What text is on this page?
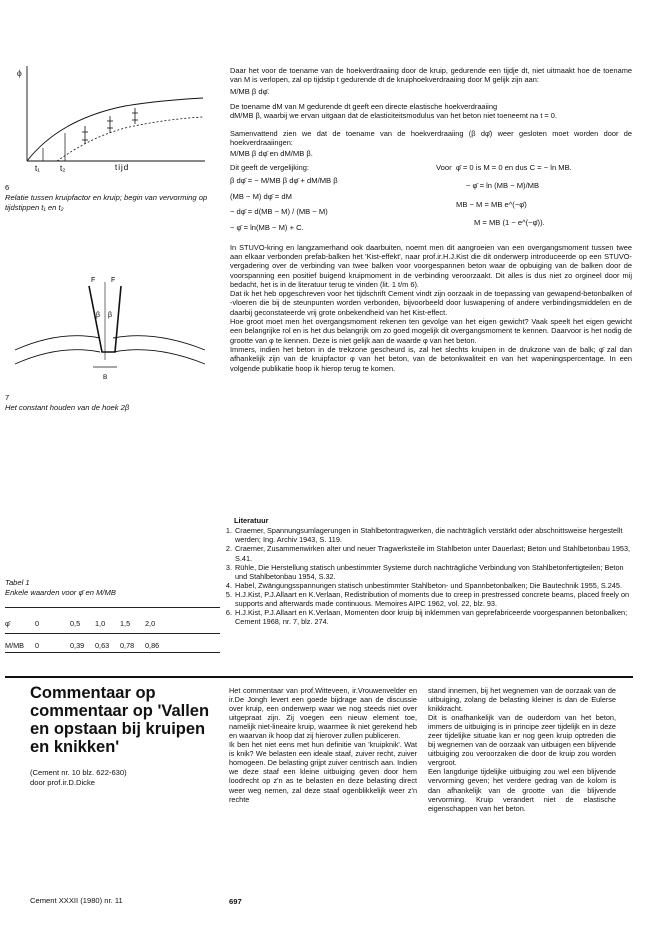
ϕ
t₁	t₂	tijd
6
Relatie tussen kruipfactor en kruip; begin van vervorming op tijdstippen t₁ en t₂
F F
β β
B
7
Het constant houden van de hoek 2β
Tabel 1
Enkele waarden voor φ̄ en M/MB
φ̄	0	0,5	1,0	1,5	2,0
M/MB	0	0,39	0,63	0,78	0,86

Daar het voor de toename van de hoekverdraaiing door de kruip, gedurende een tijdje dt, niet uitmaakt hoe de toename van M is verlopen, zal op tijdstip t gedurende dt de kruiphoekverdraaiing door M gelijk zijn aan:

M/MB β dφ̄.

De toename dM van M gedurende dt geeft een directe elastische hoekverdraaiing

dM/MB β, waarbij we ervan uitgaan dat de elasticiteitsmodulus van het beton niet toeneemt na t = 0.

Samenvattend zien we dat de toename van de hoekverdraaiing (β dφ̄) weer gesloten moet worden door de hoekverdraaiingen:

M/MB β dφ̄ en dM/MB β.

Dit geeft de vergelijking:

β dφ̄ = − M/MB β dφ̄ + dM/MB β
(MB − M) dφ̄ = dM
− dφ̄ = d(MB − M) / (MB − M)
− φ̄ = ln(MB − M) + C.
Voor  φ̄ = 0 is M = 0 en dus C = − ln MB.
− φ̄ = ln (MB − M)/MB
MB − M = MB e^(−φ̄)
M = MB (1 − e^(−φ̄)).

In STUVO-kring en langzamerhand ook daarbuiten, noemt men dit aangroeien van een overgangsmoment tussen twee aan elkaar verbonden prefab-balken het 'Kist-effekt', naar prof.ir.H.J.Kist die dit onderwerp introduceerde op een STUVO-vergadering over de verbinding van twee balken voor voorgespannen beton waar de opbuiging van de balken door de voorspanning een positief buigend kruipmoment in de verbinding veroorzaakt. Dit alles is dus niet zo orgineel door mij bedacht, het is in de literatuur terug te vinden (lit. 1 t/m 6).

Dat ik het heb opgeschreven voor het tijdschrift Cement vindt zijn oorzaak in de toepassing van gewapend-betonbalken of -vloeren die bij de steunpunten worden verbonden, bijvoorbeeld door luswapening of andere verbindingsmiddelen en de daarbij geconstateerde vrij grote onbekendheid van het Kist-effect.

Hoe groot moet men het overgangsmoment rekenen ten gevolge van het eigen gewicht? Vaak speelt het eigen gewicht een belangrijke rol en is het dus belangrijk om zo goed mogelijk dit overgangsmoment te kennen. Daarvoor is het nodig de grootte van φ te kennen. Deze is niet gelijk aan de waarde φ van het beton.

Immers, indien het beton in de trekzone gescheurd is, zal het slechts kruipen in de drukzone van de balk; φ̄ zal dan afhankelijk zijn van de kruipfactor φ van het beton, van de betonkwaliteit en van het wapeningspercentage. In een volgende publikatie hoop ik hierop terug te komen.

Literatuur
1. Craemer, Spannungsumlagerungen in Stahlbetontragwerken, die nachträglich verstärkt oder abschnittsweise hergestellt werden; Ing. Archiv 1943, S. 119.
2. Craemer, Zusammenwirken alter und neuer Tragwerksteile im Stahlbeton unter Dauerlast; Beton und Stahlbetonbau 1953, S.41.
3. Rühle, Die Herstellung statisch unbestimmter Systeme durch nachträgliche Verbindung von Stahlbetonfertigteilen; Beton und Stahlbetonbau 1954, S.32.
4. Habel, Zwängungsspannungen statisch unbestimmter Stahlbeton- und Spannbetonbalken; Die Bautechnik 1955, S.245.
5. H.J.Kist, P.J.Allaart en K.Verlaan, Redistribution of moments due to creep in prestressed concrete beams, placed freely on supports and afterwards made continuous. Memoires AIPC 1962, vol. 22, blz. 93.
6. H.J.Kist, P.J.Allaart en K.Verlaan, Momenten door kruip bij inklemmen van geprefabriceerde voorgespannen betonbalken; Cement 1968, nr. 7, blz. 274.
Commentaar op commentaar op 'Vallen en opstaan bij kruipen en knikken'
(Cement nr. 10 blz. 622-630)
door prof.ir.D.Dicke

Het commentaar van prof.Witteveen, ir.Vrouwenvelder en ir.De Jongh levert een goede bijdrage aan de discussie over kruip, een onderwerp waar we nog steeds niet over uitgepraat zijn. Zij voegen een nieuw element toe, namelijk niet-lineaire kruip, waarmee ik niet gerekend heb en waarvan ik hoop dat zij hierover zullen publiceren.

Ik ben het niet eens met hun definitie van 'kruipknik'. Wat is knik? We belasten een ideale staaf, zuiver recht, zuiver homogeen. De belasting grijpt zuiver centrisch aan. Indien we deze staaf een kleine uitbuiging geven door hem loodrecht op z'n as te belasten en deze belasting direct weer weg nemen, zal deze staaf ogenblikkelijk weer z'n rechte

stand innemen, bij het wegnemen van de oorzaak van de uitbuiging, zolang de belasting kleiner is dan de Eulerse knikkracht.

Dit is onafhankelijk van de ouderdom van het beton, immers de uitbuiging is in principe zeer tijdelijk en in deze zeer tijdelijke situatie kan er nog geen kruip optreden die bij wegnemen van de oorzaak van uitbuigen een blijvende uitbuiging zou veroorzaken die door de kruip zou worden vergroot.

Een langdurige tijdelijke uitbuiging zou wel een blijvende vervorming geven; het verdere gedrag van de kolom is dan afhankelijk van de grootte van die blijvende vervorming. Kruip verandert niet de elastische eigenschappen van het beton.

Cement XXXII (1980) nr. 11	697
